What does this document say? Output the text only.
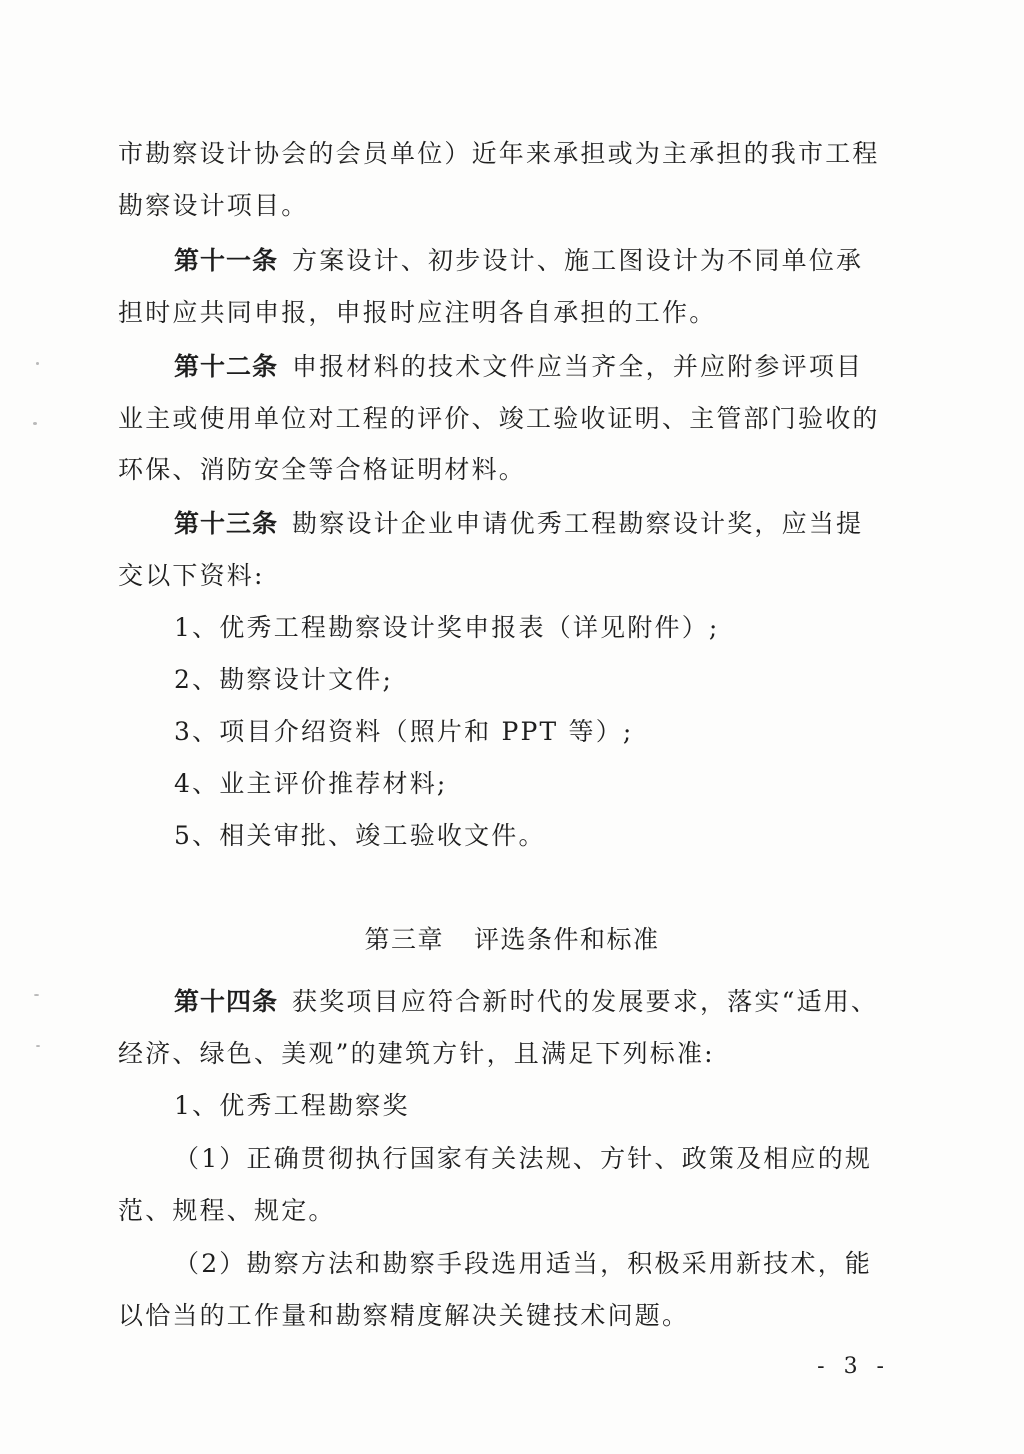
市勘察设计协会的会员单位）近年来承担或为主承担的我市工程
勘察设计项目。
第十一条 方案设计、初步设计、施工图设计为不同单位承
担时应共同申报，申报时应注明各自承担的工作。
第十二条 申报材料的技术文件应当齐全，并应附参评项目
业主或使用单位对工程的评价、竣工验收证明、主管部门验收的
环保、消防安全等合格证明材料。
第十三条 勘察设计企业申请优秀工程勘察设计奖，应当提
交以下资料:
1、优秀工程勘察设计奖申报表（详见附件）;
2、勘察设计文件;
3、项目介绍资料（照片和 PPT 等）;
4、业主评价推荐材料;
5、相关审批、竣工验收文件。
第三章 评选条件和标准
第十四条 获奖项目应符合新时代的发展要求，落实“适用、
经济、绿色、美观”的建筑方针，且满足下列标准:
1、优秀工程勘察奖
（1）正确贯彻执行国家有关法规、方针、政策及相应的规
范、规程、规定。
（2）勘察方法和勘察手段选用适当，积极采用新技术，能
以恰当的工作量和勘察精度解决关键技术问题。
- 3 -
